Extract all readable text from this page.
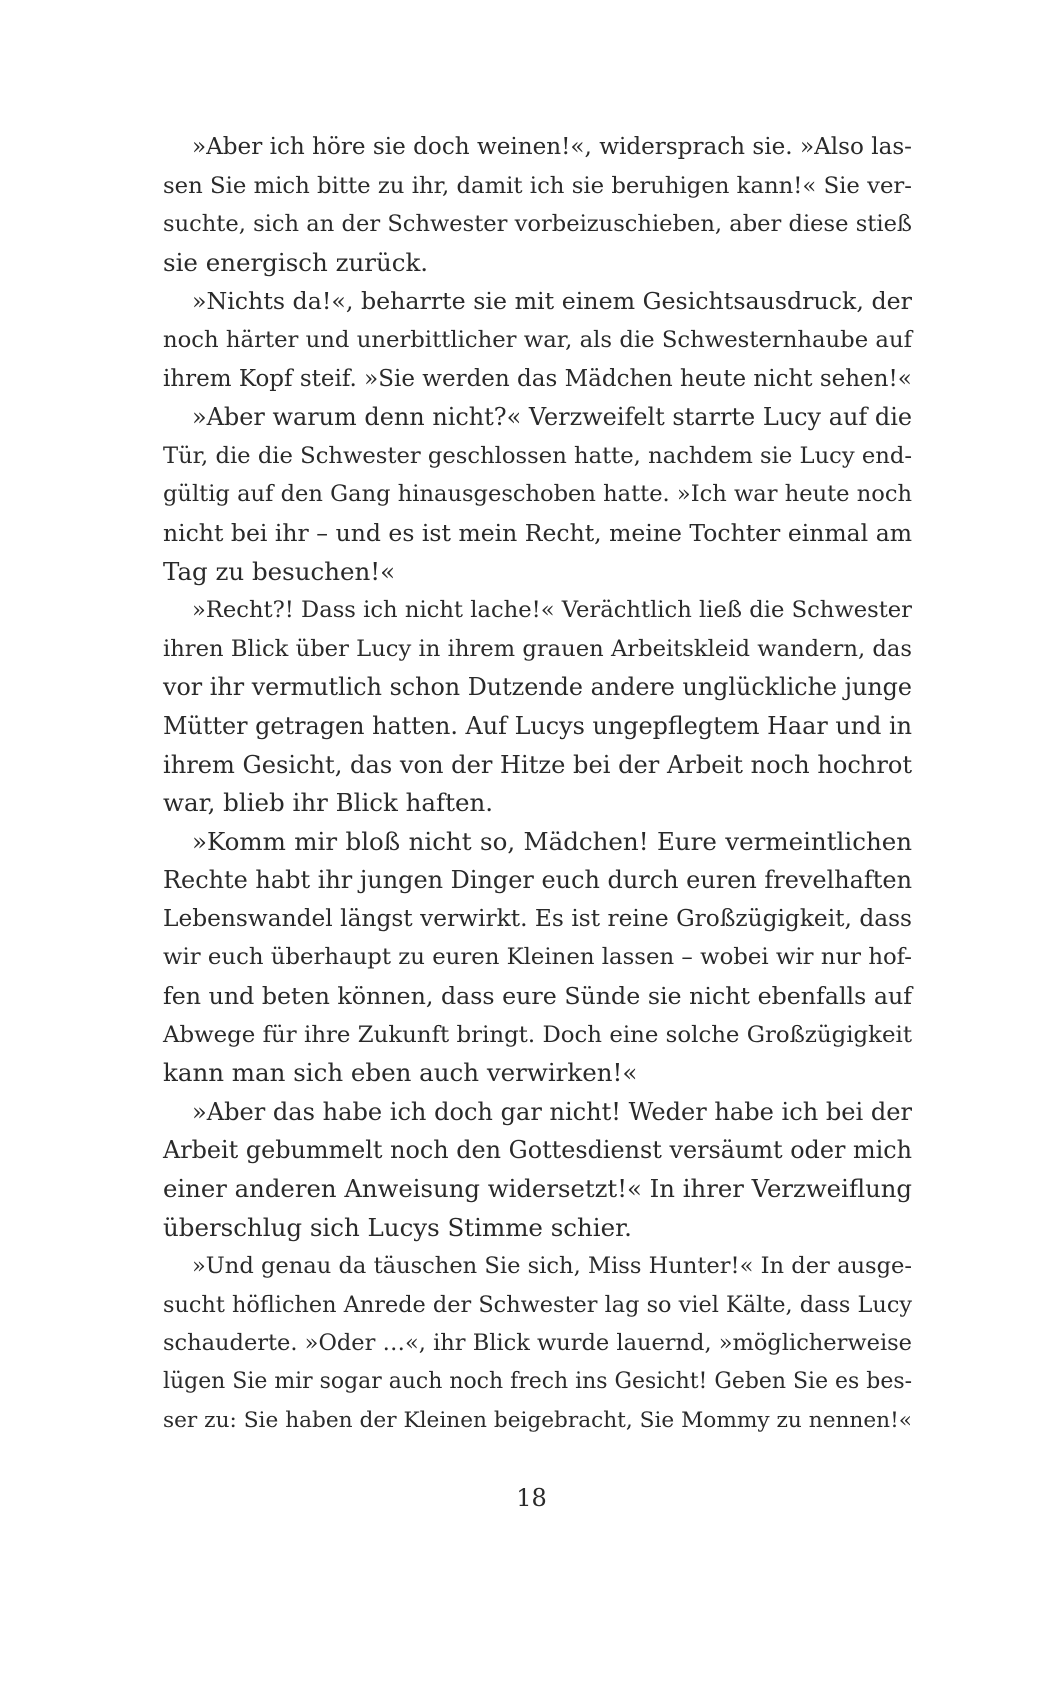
»Aber ich höre sie doch weinen!«, widersprach sie. »Also las-
sen Sie mich bitte zu ihr, damit ich sie beruhigen kann!« Sie ver-
suchte, sich an der Schwester vorbeizuschieben, aber diese stieß
sie energisch zurück.
»Nichts da!«, beharrte sie mit einem Gesichtsausdruck, der
noch härter und unerbittlicher war, als die Schwesternhaube auf
ihrem Kopf steif. »Sie werden das Mädchen heute nicht sehen!«
»Aber warum denn nicht?« Verzweifelt starrte Lucy auf die
Tür, die die Schwester geschlossen hatte, nachdem sie Lucy end-
gültig auf den Gang hinausgeschoben hatte. »Ich war heute noch
nicht bei ihr – und es ist mein Recht, meine Tochter einmal am
Tag zu besuchen!«
»Recht?! Dass ich nicht lache!« Verächtlich ließ die Schwester
ihren Blick über Lucy in ihrem grauen Arbeitskleid wandern, das
vor ihr vermutlich schon Dutzende andere unglückliche junge
Mütter getragen hatten. Auf Lucys ungepflegtem Haar und in
ihrem Gesicht, das von der Hitze bei der Arbeit noch hochrot
war, blieb ihr Blick haften.
»Komm mir bloß nicht so, Mädchen! Eure vermeintlichen
Rechte habt ihr jungen Dinger euch durch euren frevelhaften
Lebenswandel längst verwirkt. Es ist reine Großzügigkeit, dass
wir euch überhaupt zu euren Kleinen lassen – wobei wir nur hof-
fen und beten können, dass eure Sünde sie nicht ebenfalls auf
Abwege für ihre Zukunft bringt. Doch eine solche Großzügigkeit
kann man sich eben auch verwirken!«
»Aber das habe ich doch gar nicht! Weder habe ich bei der
Arbeit gebummelt noch den Gottesdienst versäumt oder mich
einer anderen Anweisung widersetzt!« In ihrer Verzweiflung
überschlug sich Lucys Stimme schier.
»Und genau da täuschen Sie sich, Miss Hunter!« In der ausge-
sucht höflichen Anrede der Schwester lag so viel Kälte, dass Lucy
schauderte. »Oder …«, ihr Blick wurde lauernd, »möglicherweise
lügen Sie mir sogar auch noch frech ins Gesicht! Geben Sie es bes-
ser zu: Sie haben der Kleinen beigebracht, Sie Mommy zu nennen!«
18
